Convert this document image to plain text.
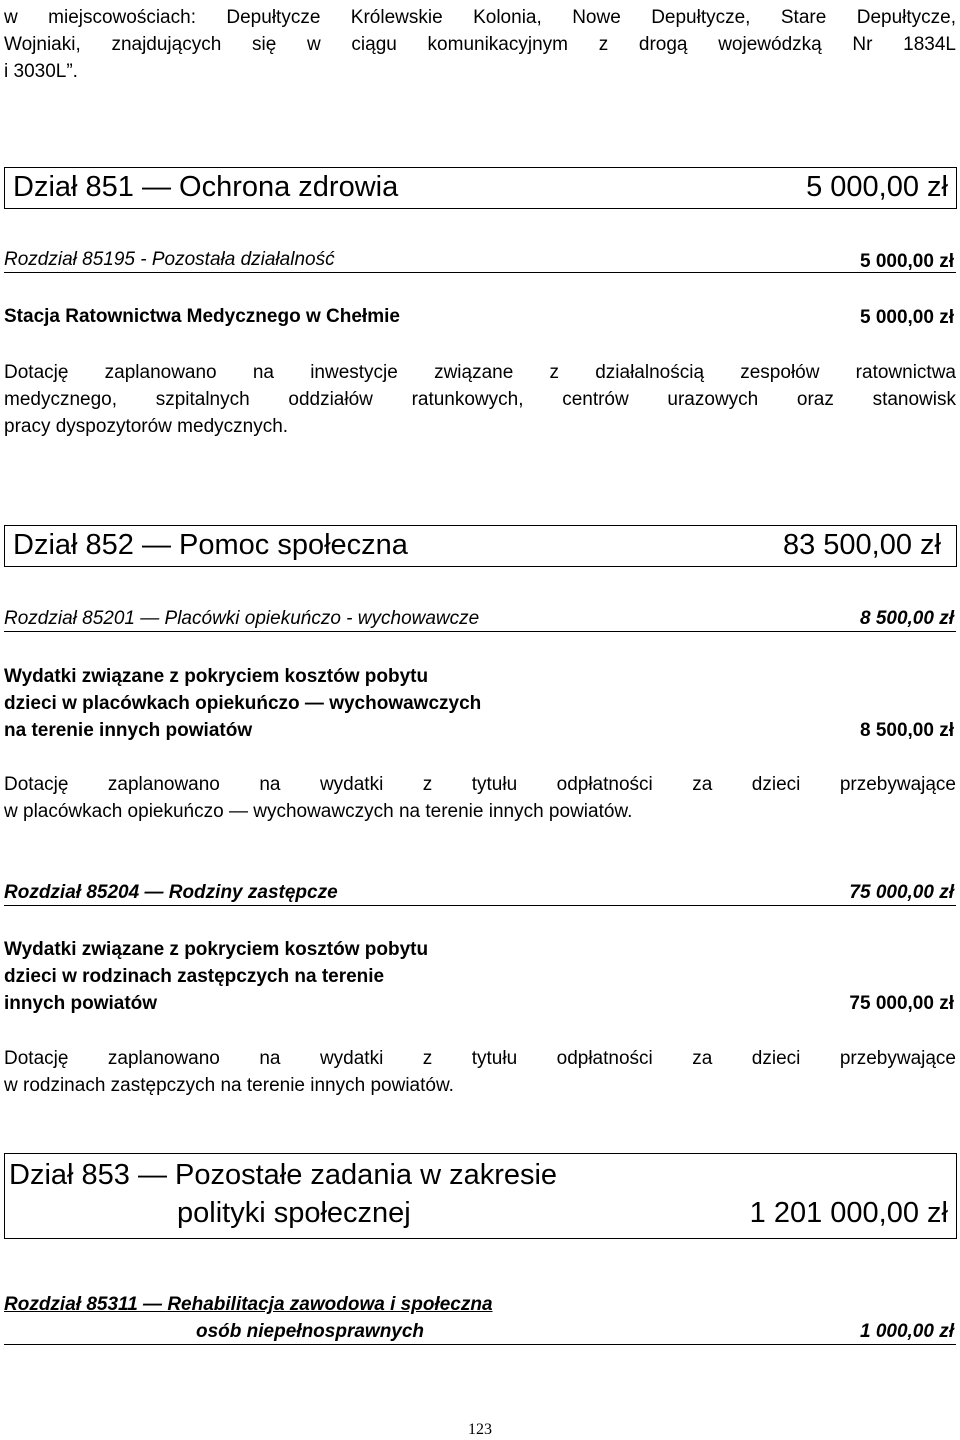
w miejscowościach: Depułtycze Królewskie Kolonia, Nowe Depułtycze, Stare Depułtycze,
Wojniaki, znajdujących się w ciągu komunikacyjnym z drogą wojewódzką Nr 1834L
i 3030L”.
Dział 851 — Ochrona zdrowia	5 000,00 zł
Rozdział 85195 - Pozostała działalność	5 000,00 zł
Stacja Ratownictwa Medycznego w Chełmie	5 000,00 zł
Dotację zaplanowano na inwestycje związane z działalnością zespołów ratownictwa
medycznego, szpitalnych oddziałów ratunkowych, centrów urazowych oraz stanowisk
pracy dyspozytorów medycznych.
Dział 852 — Pomoc społeczna	83 500,00 zł
Rozdział 85201 — Placówki opiekuńczo - wychowawcze	8 500,00 zł
Wydatki związane z pokryciem kosztów pobytu
dzieci w placówkach opiekuńczo — wychowawczych
na terenie innych powiatów	8 500,00 zł
Dotację zaplanowano na wydatki z tytułu odpłatności za dzieci przebywające
w placówkach opiekuńczo — wychowawczych na terenie innych powiatów.
Rozdział 85204 — Rodziny zastępcze	75 000,00 zł
Wydatki związane z pokryciem kosztów pobytu
dzieci w rodzinach zastępczych na terenie
innych powiatów	75 000,00 zł
Dotację zaplanowano na wydatki z tytułu odpłatności za dzieci przebywające
w rodzinach zastępczych na terenie innych powiatów.
Dział 853 — Pozostałe zadania w zakresie
polityki społecznej	1 201 000,00 zł
Rozdział 85311 — Rehabilitacja zawodowa i społeczna
osób niepełnosprawnych	1 000,00 zł
123
